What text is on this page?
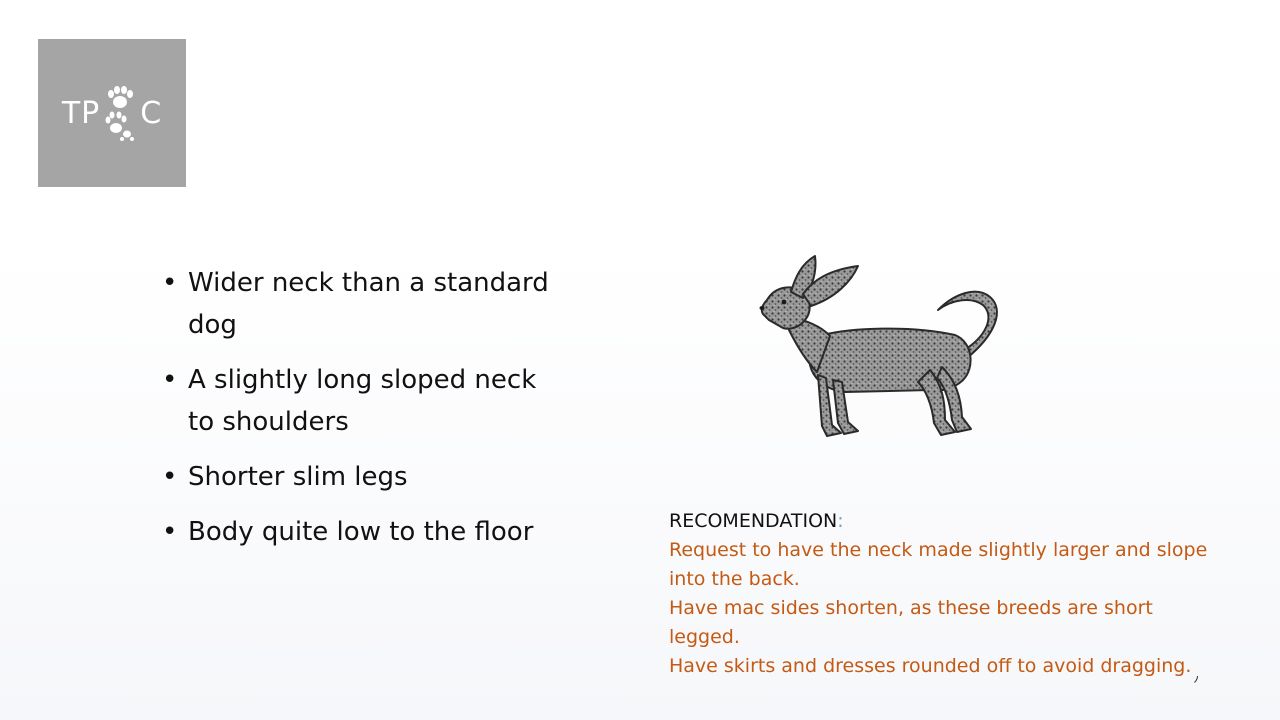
TP C
• Wider neck than a standard dog
• A slightly long sloped neck to shoulders
• Shorter slim legs
• Body quite low to the floor	RECOMENDATION:
Request to have the neck made slightly larger and slope into the back.
Have mac sides shorten, as these breeds are short legged.
Have skirts and dresses rounded off to avoid dragging.
